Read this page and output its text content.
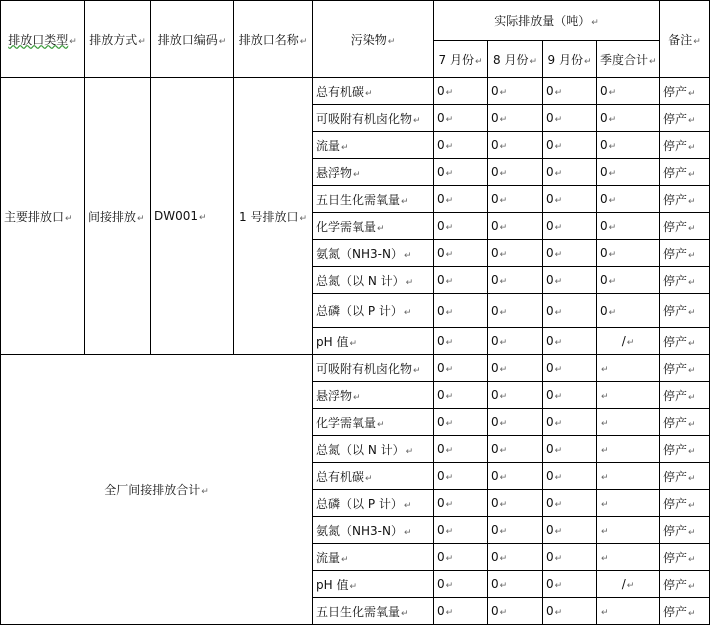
排放口类型↵	排放方式↵	排放口编码↵	排放口名称↵	污染物↵	实际排放量（吨）↵				备注↵
					7 月份↵	8 月份↵	9 月份↵	季度合计↵	
主要排放口↵	间接排放↵	DW001↵	1 号排放口↵	总有机碳↵	0↵	0↵	0↵	0↵	停产↵
				可吸附有机卤化物↵	0↵	0↵	0↵	0↵	停产↵
				流量↵	0↵	0↵	0↵	0↵	停产↵
				悬浮物↵	0↵	0↵	0↵	0↵	停产↵
				五日生化需氧量↵	0↵	0↵	0↵	0↵	停产↵
				化学需氧量↵	0↵	0↵	0↵	0↵	停产↵
				氨氮（NH3-N）↵	0↵	0↵	0↵	0↵	停产↵
				总氮（以 N 计）↵	0↵	0↵	0↵	0↵	停产↵
				总磷（以 P 计）↵	0↵	0↵	0↵	0↵	停产↵
				pH 值↵	0↵	0↵	0↵	/↵	停产↵
全厂间接排放合计↵				可吸附有机卤化物↵	0↵	0↵	0↵	↵	停产↵
				悬浮物↵	0↵	0↵	0↵	↵	停产↵
				化学需氧量↵	0↵	0↵	0↵	↵	停产↵
				总氮（以 N 计）↵	0↵	0↵	0↵	↵	停产↵
				总有机碳↵	0↵	0↵	0↵	↵	停产↵
				总磷（以 P 计）↵	0↵	0↵	0↵	↵	停产↵
				氨氮（NH3-N）↵	0↵	0↵	0↵	↵	停产↵
				流量↵	0↵	0↵	0↵	↵	停产↵
				pH 值↵	0↵	0↵	0↵	/↵	停产↵
				五日生化需氧量↵	0↵	0↵	0↵	↵	停产↵
